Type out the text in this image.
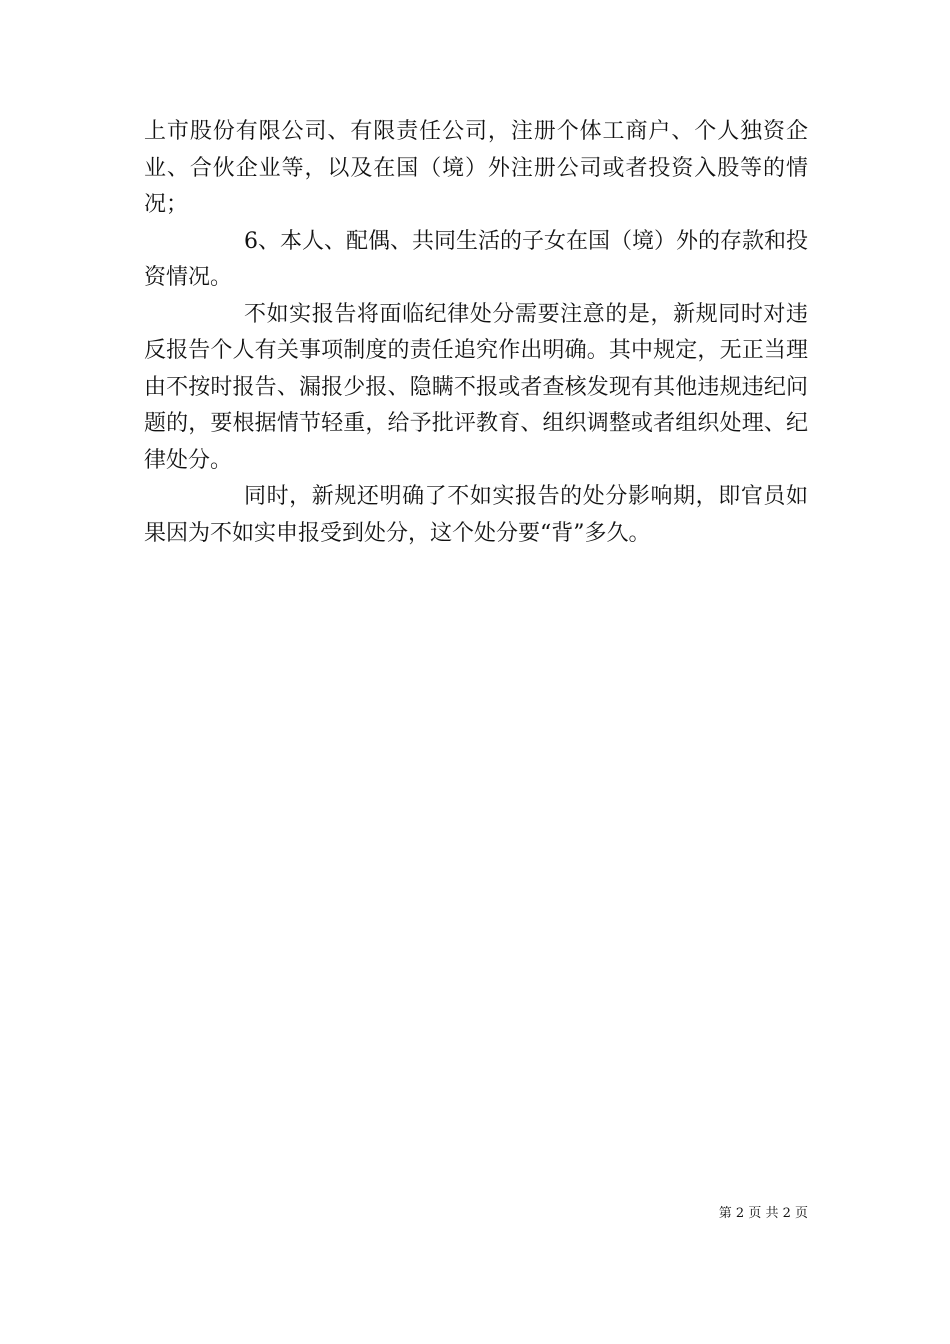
上市股份有限公司、有限责任公司，注册个体工商户、个人独资企业、合伙企业等，以及在国（境）外注册公司或者投资入股等的情况；

6、本人、配偶、共同生活的子女在国（境）外的存款和投资情况。

不如实报告将面临纪律处分需要注意的是，新规同时对违反报告个人有关事项制度的责任追究作出明确。其中规定，无正当理由不按时报告、漏报少报、隐瞒不报或者查核发现有其他违规违纪问题的，要根据情节轻重，给予批评教育、组织调整或者组织处理、纪律处分。

同时，新规还明确了不如实报告的处分影响期，即官员如果因为不如实申报受到处分，这个处分要“背”多久。

第 2 页 共 2 页
